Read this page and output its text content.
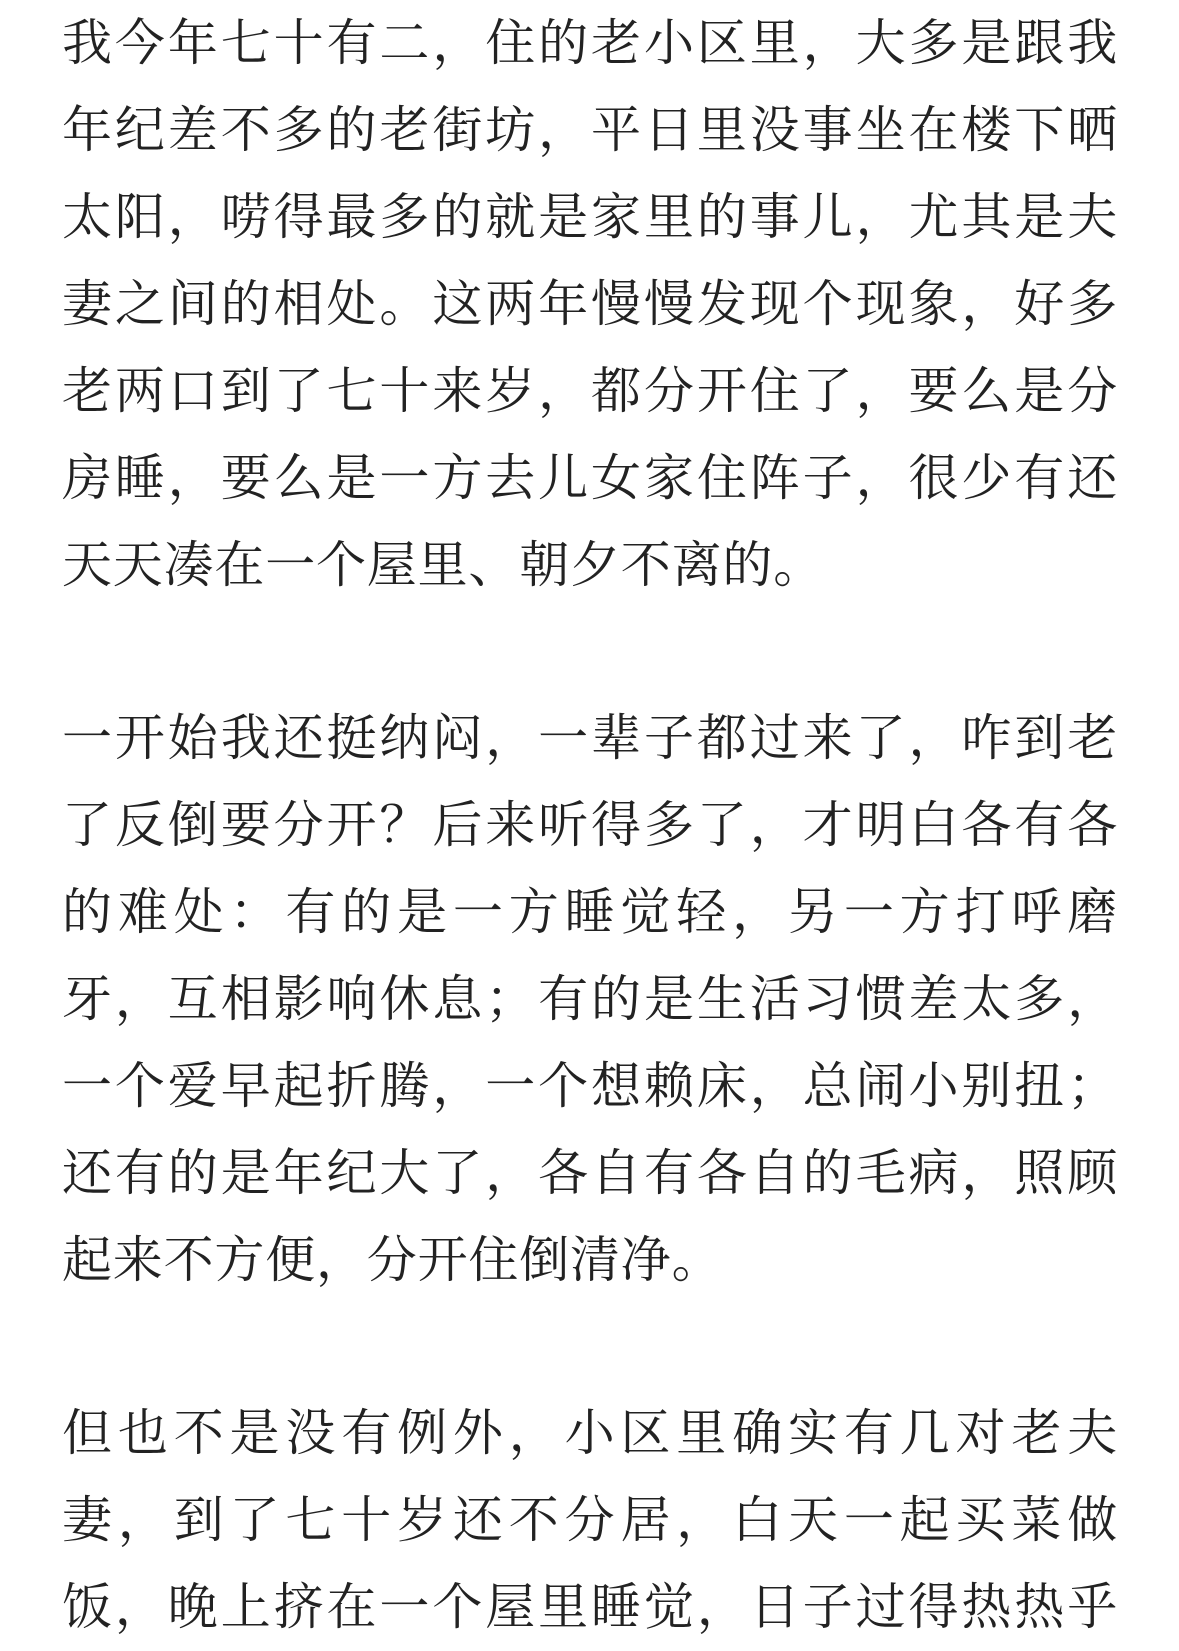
我今年七十有二，住的老小区里，大多是跟我
年纪差不多的老街坊，平日里没事坐在楼下晒
太阳，唠得最多的就是家里的事儿，尤其是夫
妻之间的相处。这两年慢慢发现个现象，好多
老两口到了七十来岁，都分开住了，要么是分
房睡，要么是一方去儿女家住阵子，很少有还
天天凑在一个屋里、朝夕不离的。
一开始我还挺纳闷，一辈子都过来了，咋到老
了反倒要分开？后来听得多了，才明白各有各
的难处：有的是一方睡觉轻，另一方打呼磨
牙，互相影响休息；有的是生活习惯差太多，
一个爱早起折腾，一个想赖床，总闹小别扭；
还有的是年纪大了，各自有各自的毛病，照顾
起来不方便，分开住倒清净。
但也不是没有例外，小区里确实有几对老夫
妻，到了七十岁还不分居，白天一起买菜做
饭，晚上挤在一个屋里睡觉，日子过得热热乎
